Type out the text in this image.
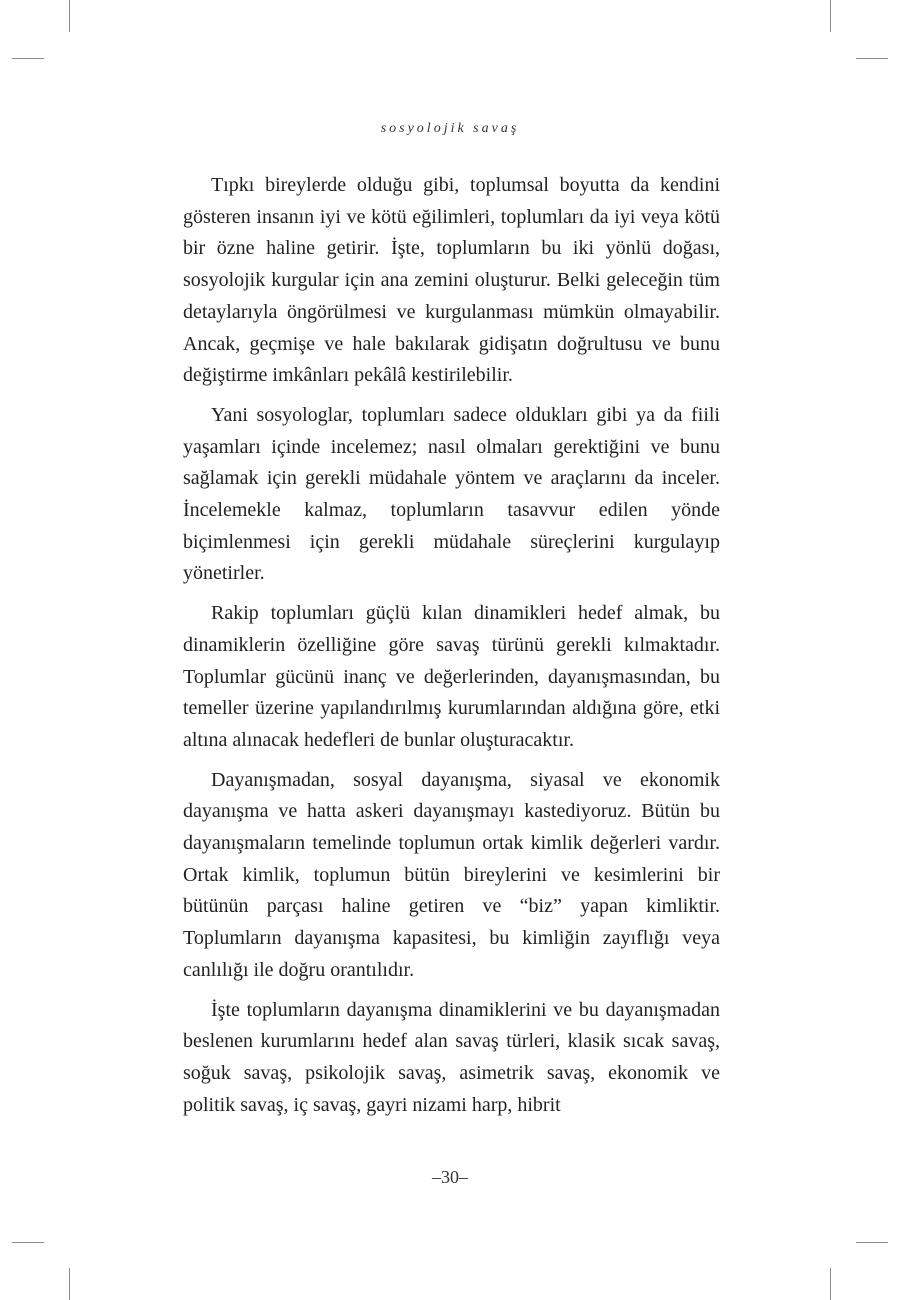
sosyolojik savaş

Tıpkı bireylerde olduğu gibi, toplumsal boyutta da kendini gösteren insanın iyi ve kötü eğilimleri, toplumları da iyi veya kötü bir özne haline getirir. İşte, toplumların bu iki yönlü doğası, sosyolojik kurgular için ana zemini oluşturur. Belki geleceğin tüm detaylarıyla öngörülmesi ve kurgulanması mümkün olmayabilir. Ancak, geçmişe ve hale bakılarak gidişatın doğrultusu ve bunu değiştirme imkânları pekâlâ kestirilebilir.

Yani sosyologlar, toplumları sadece oldukları gibi ya da fiili yaşamları içinde incelemez; nasıl olmaları gerektiğini ve bunu sağlamak için gerekli müdahale yöntem ve araçlarını da inceler. İncelemekle kalmaz, toplumların tasavvur edilen yönde biçimlenmesi için gerekli müdahale süreçlerini kurgulayıp yönetirler.

Rakip toplumları güçlü kılan dinamikleri hedef almak, bu dinamiklerin özelliğine göre savaş türünü gerekli kılmaktadır. Toplumlar gücünü inanç ve değerlerinden, dayanışmasından, bu temeller üzerine yapılandırılmış kurumlarından aldığına göre, etki altına alınacak hedefleri de bunlar oluşturacaktır.

Dayanışmadan, sosyal dayanışma, siyasal ve ekonomik dayanışma ve hatta askeri dayanışmayı kastediyoruz. Bütün bu dayanışmaların temelinde toplumun ortak kimlik değerleri vardır. Ortak kimlik, toplumun bütün bireylerini ve kesimlerini bir bütünün parçası haline getiren ve “biz” yapan kimliktir. Toplumların dayanışma kapasitesi, bu kimliğin zayıflığı veya canlılığı ile doğru orantılıdır.

İşte toplumların dayanışma dinamiklerini ve bu dayanışmadan beslenen kurumlarını hedef alan savaş türleri, klasik sıcak savaş, soğuk savaş, psikolojik savaş, asimetrik savaş, ekonomik ve politik savaş, iç savaş, gayri nizami harp, hibrit

–30–
